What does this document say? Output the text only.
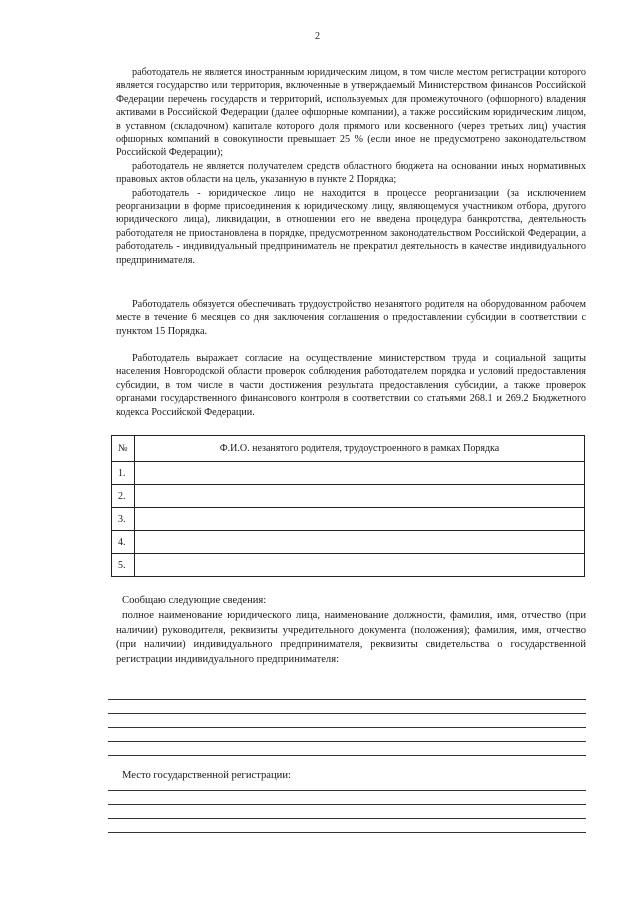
2

работодатель не является иностранным юридическим лицом, в том числе местом регистрации которого является государство или территория, включенные в утверждаемый Министерством финансов Российской Федерации перечень государств и территорий, используемых для промежуточного (офшорного) владения активами в Российской Федерации (далее офшорные компании), а также российским юридическим лицом, в уставном (складочном) капитале которого доля прямого или косвенного (через третьих лиц) участия офшорных компаний в совокупности превышает 25 % (если иное не предусмотрено законодательством Российской Федерации);

работодатель не является получателем средств областного бюджета на основании иных нормативных правовых актов области на цель, указанную в пункте 2 Порядка;

работодатель - юридическое лицо не находится в процессе реорганизации (за исключением реорганизации в форме присоединения к юридическому лицу, являющемуся участником отбора, другого юридического лица), ликвидации, в отношении его не введена процедура банкротства, деятельность работодателя не приостановлена в порядке, предусмотренном законодательством Российской Федерации, а работодатель - индивидуальный предприниматель не прекратил деятельность в качестве индивидуального предпринимателя.

Работодатель обязуется обеспечивать трудоустройство незанятого родителя на оборудованном рабочем месте в течение 6 месяцев со дня заключения соглашения о предоставлении субсидии в соответствии с пунктом 15 Порядка.

Работодатель выражает согласие на осуществление министерством труда и социальной защиты населения Новгородской области проверок соблюдения работодателем порядка и условий предоставления субсидии, в том числе в части достижения результата предоставления субсидии, а также проверок органами государственного финансового контроля в соответствии со статьями 268.1 и 269.2 Бюджетного кодекса Российской Федерации.

№	Ф.И.О. незанятого родителя, трудоустроенного в рамках Порядка
1.	
2.	
3.	
4.	
5.	

Сообщаю следующие сведения:

полное наименование юридического лица, наименование должности, фамилия, имя, отчество (при наличии) руководителя, реквизиты учредительного документа (положения); фамилия, имя, отчество (при наличии) индивидуального предпринимателя, реквизиты свидетельства о государственной регистрации индивидуального предпринимателя:

Место государственной регистрации:
